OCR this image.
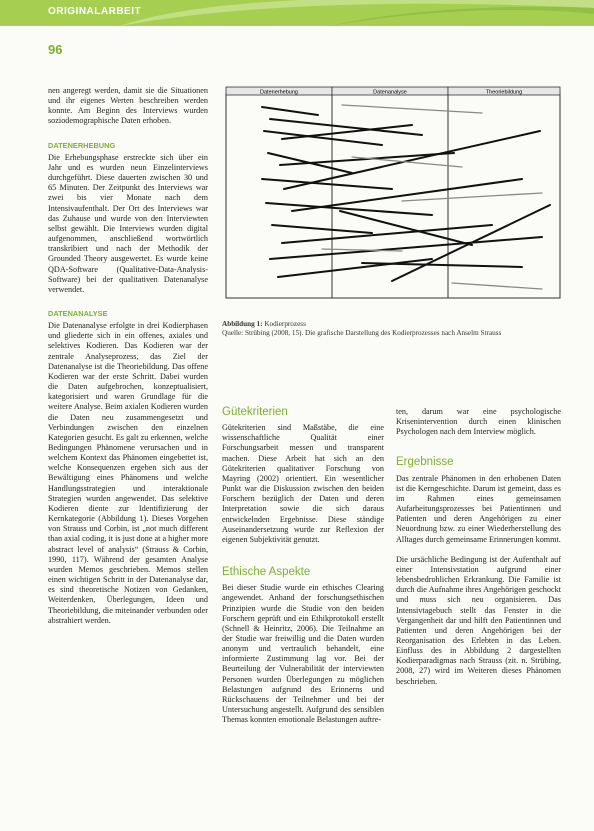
ORIGINALARBEIT
96

nen angeregt werden, damit sie die Situationen und ihr eigenes Werten beschreiben werden konnte. Am Beginn des Interviews wurden soziodemographische Daten erhoben.

DATENERHEBUNG

Die Erhebungsphase erstreckte sich über ein Jahr und es wurden neun Einzelinterviews durchgeführt. Diese dauerten zwischen 30 und 65 Minuten. Der Zeitpunkt des Interviews war zwei bis vier Monate nach dem Intensivaufenthalt. Der Ort des Interviews war das Zuhause und wurde von den Interviewten selbst gewählt. Die Interviews wurden digital aufgenommen, anschließend wortwörtlich transkribiert und nach der Methodik der Grounded Theory ausgewertet. Es wurde keine QDA-Software (Qualitative-Data-Analysis-Software) bei der qualitativen Datenanalyse verwendet.

DATENANALYSE

Die Datenanalyse erfolgte in drei Kodierphasen und gliederte sich in ein offenes, axiales und selektives Kodieren. Das Kodieren war der zentrale Analyseprozess, das Ziel der Datenanalyse ist die Theoriebildung. Das offene Kodieren war der erste Schritt. Dabei wurden die Daten aufgebrochen, konzeptualisiert, kategorisiert und waren Grundlage für die weitere Analyse. Beim axialen Kodieren wurden die Daten neu zusammengesetzt und Verbindungen zwischen den einzelnen Kategorien gesucht. Es galt zu erkennen, welche Bedingungen Phänomene verursachen und in welchem Kontext das Phänomen eingebettet ist, welche Konsequenzen ergeben sich aus der Bewältigung eines Phänomens und welche Handlungsstrategien und interaktionale Strategien wurden angewendet. Das selektive Kodieren diente zur Identifizierung der Kernkategorie (Abbildung 1). Dieses Vorgehen von Strauss und Corbin, ist „not much different than axial coding, it is just done at a higher more abstract level of analysis“ (Strauss & Corbin, 1990, 117). Während der gesamten Analyse wurden Memos geschrieben. Memos stellen einen wichtigen Schritt in der Datenanalyse dar, es sind theoretische Notizen von Gedanken, Weiterdenken, Überlegungen, Ideen und Theoriebildung, die miteinander verbunden oder abstrahiert werden.

Datenerhebung	Datenanalyse	Theoriebildung
Abbildung 1: Kodierprozess
Quelle: Strübing (2008, 15). Die grafische Darstellung des Kodierprozesses nach Anselm Strauss

Gütekriterien

Gütekriterien sind Maßstäbe, die eine wissenschaftliche Qualität einer Forschungsarbeit messen und transparent machen. Diese Arbeit hat sich an den Gütekriterien qualitativer Forschung von Mayring (2002) orientiert. Ein wesentlicher Punkt war die Diskussion zwischen den beiden Forschern bezüglich der Daten und deren Interpretation sowie die sich daraus entwickelnden Ergebnisse. Diese ständige Auseinandersetzung wurde zur Reflexion der eigenen Subjektivität genutzt.

Ethische Aspekte

Bei dieser Studie wurde ein ethisches Clearing angewendet. Anhand der forschungsethischen Prinzipien wurde die Studie von den beiden Forschern geprüft und ein Ethikprotokoll erstellt (Schnell & Heinritz, 2006). Die Teilnahme an der Studie war freiwillig und die Daten wurden anonym und vertraulich behandelt, eine informierte Zustimmung lag vor. Bei der Beurteilung der Vulnerabilität der interviewten Personen wurden Überlegungen zu möglichen Belastungen aufgrund des Erinnerns und Rückschauens der Teilnehmer und bei der Untersuchung angestellt. Aufgrund des sensiblen Themas konnten emotionale Belastungen auftre-

ten, darum war eine psychologische Krisenintervention durch einen klinischen Psychologen nach dem Interview möglich.

Ergebnisse

Das zentrale Phänomen in den erhobenen Daten ist die Kerngeschichte. Darum ist gemeint, dass es im Rahmen eines gemeinsamen Aufarbeitungsprozesses bei Patientinnen und Patienten und deren Angehörigen zu einer Neuordnung bzw. zu einer Wiederherstellung des Alltages durch gemeinsame Erinnerungen kommt.

Die ursächliche Bedingung ist der Aufenthalt auf einer Intensivstation aufgrund einer lebensbedrohlichen Erkrankung. Die Familie ist durch die Aufnahme ihres Angehörigen geschockt und muss sich neu organisieren. Das Intensivtagebuch stellt das Fenster in die Vergangenheit dar und hilft den Patientinnen und Patienten und deren Angehörigen bei der Reorganisation des Erlebten in das Leben. Einfluss des in Abbildung 2 dargestellten Kodierparadigmas nach Strauss (zit. n. Strübing, 2008, 27) wird im Weiteren dieses Phänomen beschrieben.
